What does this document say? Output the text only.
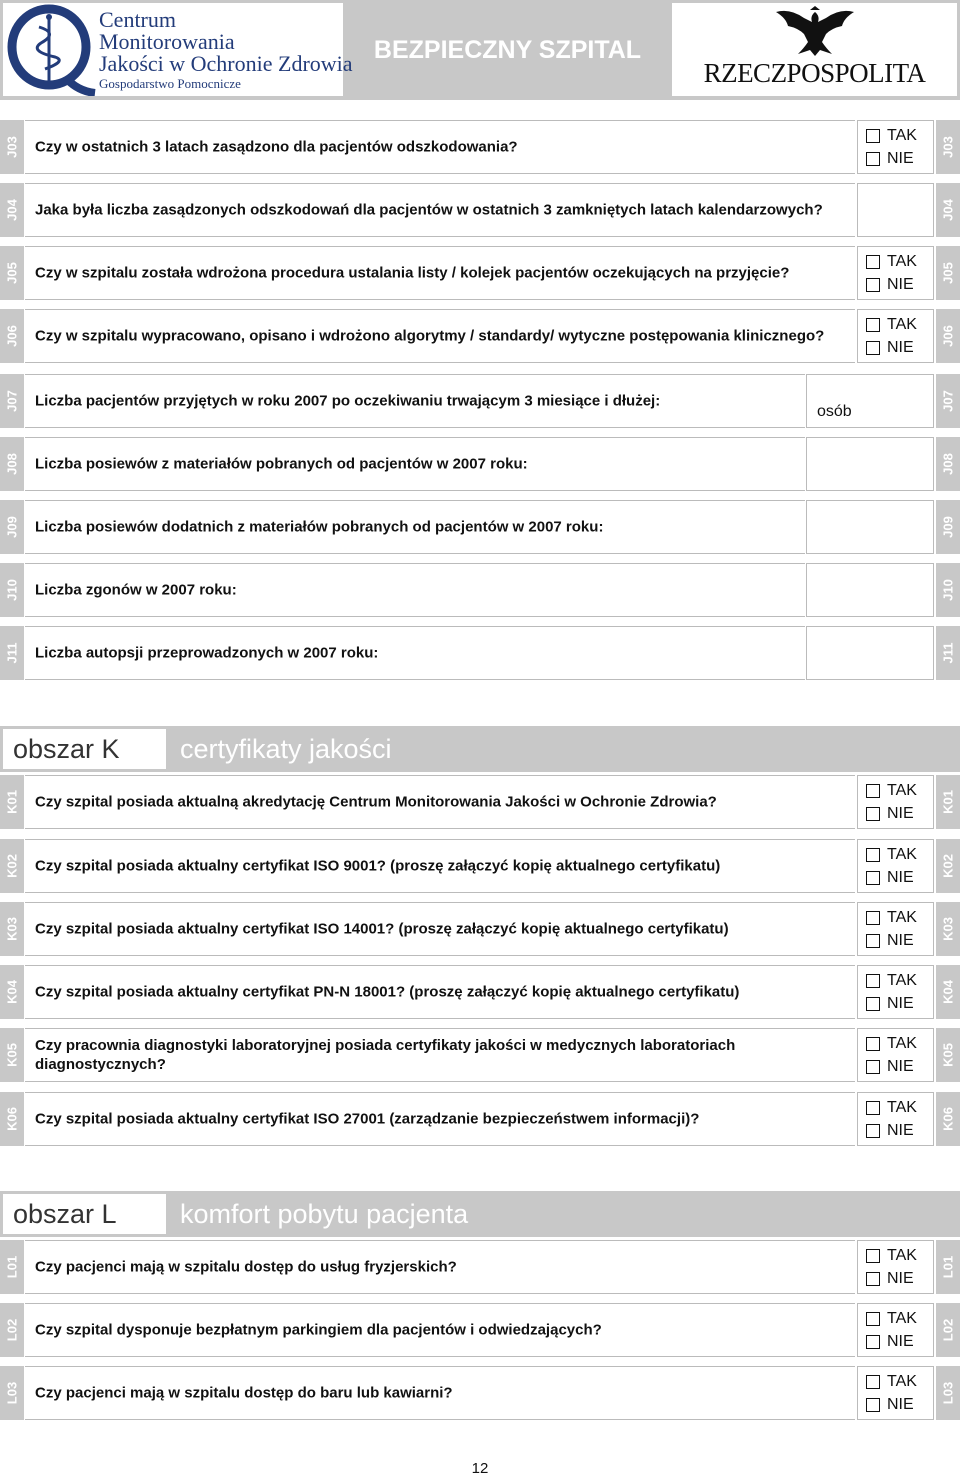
Centrum
Monitorowania
Jakości w Ochronie Zdrowia
Gospodarstwo Pomocnicze
BEZPIECZNY SZPITAL
RZECZPOSPOLITA
J03 Czy w ostatnich 3 latach zasądzono dla pacjentów odszkodowania?
TAK
NIE
J03
J04 Jaka była liczba zasądzonych odszkodowań dla pacjentów w ostatnich 3 zamkniętych latach kalendarzowych?	J04
J05 Czy w szpitalu została wdrożona procedura ustalania listy / kolejek pacjentów oczekujących na przyjęcie?
TAK
NIE
J05
J06 Czy w szpitalu wypracowano, opisano i wdrożono algorytmy / standardy/ wytyczne postępowania klinicznego?
TAK
NIE
J06
J07 Liczba pacjentów przyjętych w roku 2007 po oczekiwaniu trwającym 3 miesiące i dłużej:
osób	J07
J08 Liczba posiewów z materiałów pobranych od pacjentów w 2007 roku:	J08
J09 Liczba posiewów dodatnich z materiałów pobranych od pacjentów w 2007 roku:	J09
J10 Liczba zgonów w 2007 roku:	J10
J11 Liczba autopsji przeprowadzonych w 2007 roku:	J11
obszar K	certyfikaty jakości
K01 Czy szpital posiada aktualną akredytację Centrum Monitorowania Jakości w Ochronie Zdrowia?
TAK
NIE K01
K02 Czy szpital posiada aktualny certyfikat ISO 9001? (proszę załączyć kopię aktualnego certyfikatu)
TAK
NIE K02
K03 Czy szpital posiada aktualny certyfikat ISO 14001? (proszę załączyć kopię aktualnego certyfikatu)
TAK
NIE K03
K04 Czy szpital posiada aktualny certyfikat PN-N 18001? (proszę załączyć kopię aktualnego certyfikatu)
TAK
NIE K04
K05 Czy pracownia diagnostyki laboratoryjnej posiada certyfikaty jakości w medycznych laboratoriach diagnostycznych?
TAK
NIE K05
K06 Czy szpital posiada aktualny certyfikat ISO 27001 (zarządzanie bezpieczeństwem informacji)?
TAK
NIE K06
obszar L	komfort pobytu pacjenta
L01 Czy pacjenci mają w szpitalu dostęp do usług fryzjerskich?
TAK
NIE
L01
L02 Czy szpital dysponuje bezpłatnym parkingiem dla pacjentów i odwiedzających?
TAK
NIE
L02
L03 Czy pacjenci mają w szpitalu dostęp do baru lub kawiarni?
TAK
NIE
L03
12
